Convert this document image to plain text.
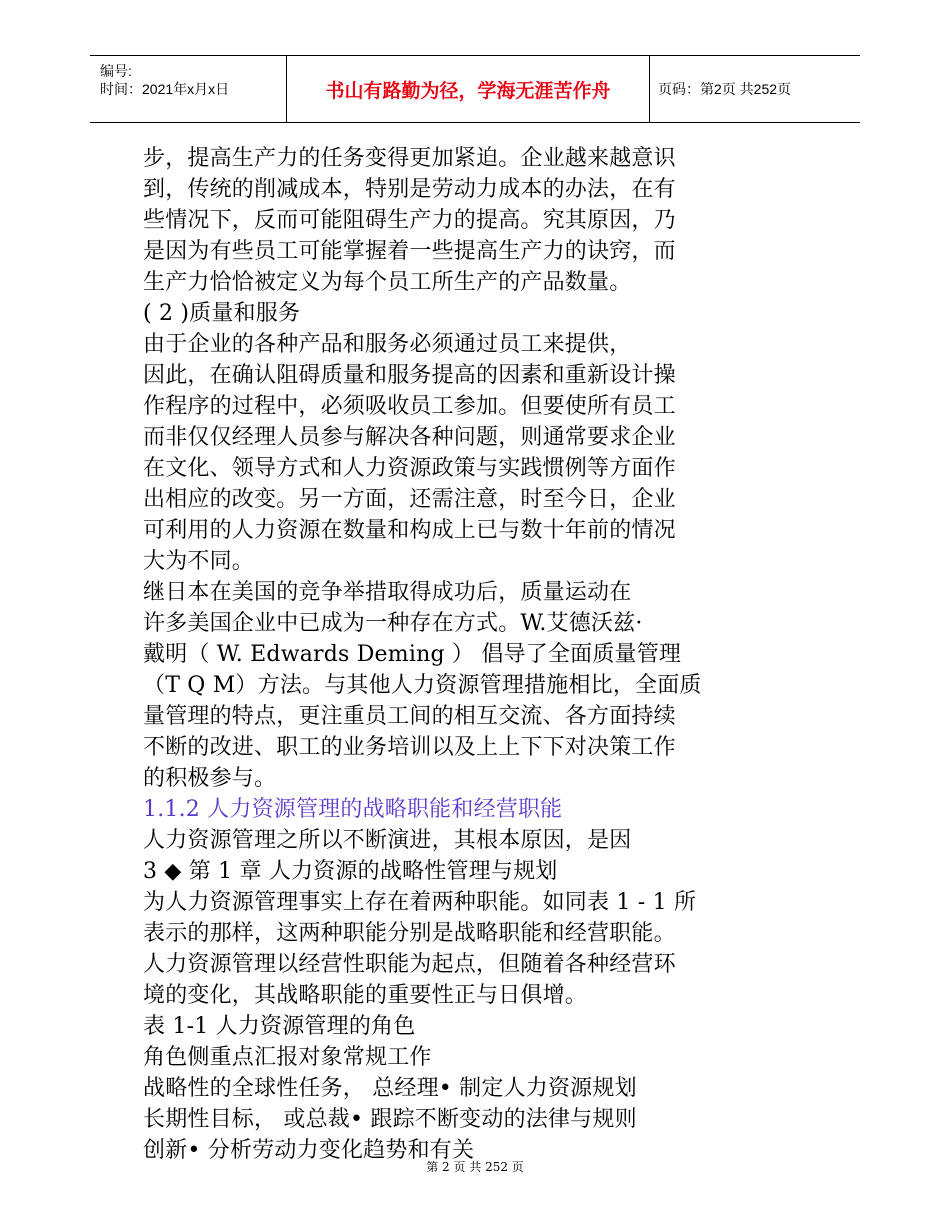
编号:
时间：2021年x月x日	书山有路勤为径，学海无涯苦作舟	页码：第2页 共252页
步，提高生产力的任务变得更加紧迫。企业越来越意识
到，传统的削减成本，特别是劳动力成本的办法，在有
些情况下，反而可能阻碍生产力的提高。究其原因，乃
是因为有些员工可能掌握着一些提高生产力的诀窍，而
生产力恰恰被定义为每个员工所生产的产品数量。
( 2 )质量和服务
由于企业的各种产品和服务必须通过员工来提供，
因此，在确认阻碍质量和服务提高的因素和重新设计操
作程序的过程中，必须吸收员工参加。但要使所有员工
而非仅仅经理人员参与解决各种问题，则通常要求企业
在文化、领导方式和人力资源政策与实践惯例等方面作
出相应的改变。另一方面，还需注意，时至今日，企业
可利用的人力资源在数量和构成上已与数十年前的情况
大为不同。
继日本在美国的竞争举措取得成功后，质量运动在
许多美国企业中已成为一种存在方式。W.艾德沃兹·
戴明（ W. Edwards Deming ） 倡导了全面质量管理
（T Q M）方法。与其他人力资源管理措施相比，全面质
量管理的特点，更注重员工间的相互交流、各方面持续
不断的改进、职工的业务培训以及上上下下对决策工作
的积极参与。
1.1.2 人力资源管理的战略职能和经营职能
人力资源管理之所以不断演进，其根本原因，是因
3 ◆ 第 1 章 人力资源的战略性管理与规划
为人力资源管理事实上存在着两种职能。如同表 1 - 1 所
表示的那样，这两种职能分别是战略职能和经营职能。
人力资源管理以经营性职能为起点，但随着各种经营环
境的变化，其战略职能的重要性正与日俱增。
表 1-1 人力资源管理的角色
角色侧重点汇报对象常规工作
战略性的全球性任务， 总经理• 制定人力资源规划
长期性目标， 或总裁• 跟踪不断变动的法律与规则
创新• 分析劳动力变化趋势和有关
第 2 页 共 252 页
